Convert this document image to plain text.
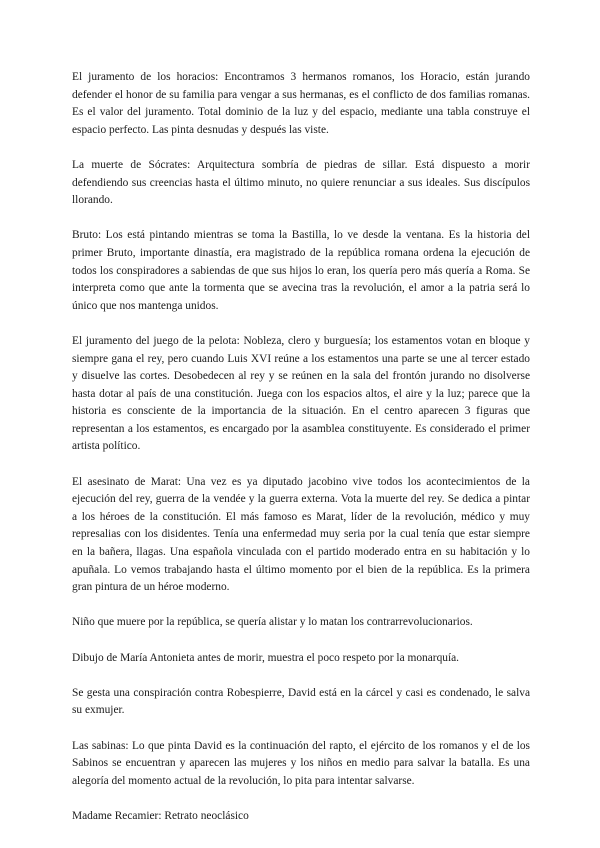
El juramento de los horacios: Encontramos 3 hermanos romanos, los Horacio, están jurando defender el honor de su familia para vengar a sus hermanas, es el conflicto de dos familias romanas. Es el valor del juramento. Total dominio de la luz y del espacio, mediante una tabla construye el espacio perfecto. Las pinta desnudas y después las viste.

La muerte de Sócrates: Arquitectura sombría de piedras de sillar. Está dispuesto a morir defendiendo sus creencias hasta el último minuto, no quiere renunciar a sus ideales. Sus discípulos llorando.

Bruto: Los está pintando mientras se toma la Bastilla, lo ve desde la ventana. Es la historia del primer Bruto, importante dinastía, era magistrado de la república romana ordena la ejecución de todos los conspiradores a sabiendas de que sus hijos lo eran, los quería pero más quería a Roma. Se interpreta como que ante la tormenta que se avecina tras la revolución, el amor a la patria será lo único que nos mantenga unidos.

El juramento del juego de la pelota: Nobleza, clero y burguesía; los estamentos votan en bloque y siempre gana el rey, pero cuando Luis XVI reúne a los estamentos una parte se une al tercer estado y disuelve las cortes. Desobedecen al rey y se reúnen en la sala del frontón jurando no disolverse hasta dotar al país de una constitución. Juega con los espacios altos, el aire y la luz; parece que la historia es consciente de la importancia de la situación. En el centro aparecen 3 figuras que representan a los estamentos, es encargado por la asamblea constituyente. Es considerado el primer artista político.

El asesinato de Marat: Una vez es ya diputado jacobino vive todos los acontecimientos de la ejecución del rey, guerra de la vendée y la guerra externa. Vota la muerte del rey. Se dedica a pintar a los héroes de la constitución. El más famoso es Marat, líder de la revolución, médico y muy represalias con los disidentes. Tenía una enfermedad muy seria por la cual tenía que estar siempre en la bañera, llagas. Una española vinculada con el partido moderado entra en su habitación y lo apuñala. Lo vemos trabajando hasta el último momento por el bien de la república. Es la primera gran pintura de un héroe moderno.

Niño que muere por la república, se quería alistar y lo matan los contrarrevolucionarios.

Dibujo de María Antonieta antes de morir, muestra el poco respeto por la monarquía.

Se gesta una conspiración contra Robespierre, David está en la cárcel y casi es condenado, le salva su exmujer.

Las sabinas: Lo que pinta David es la continuación del rapto, el ejército de los romanos y el de los Sabinos se encuentran y aparecen las mujeres y los niños en medio para salvar la batalla. Es una alegoría del momento actual de la revolución, lo pita para intentar salvarse.

Madame Recamier: Retrato neoclásico
